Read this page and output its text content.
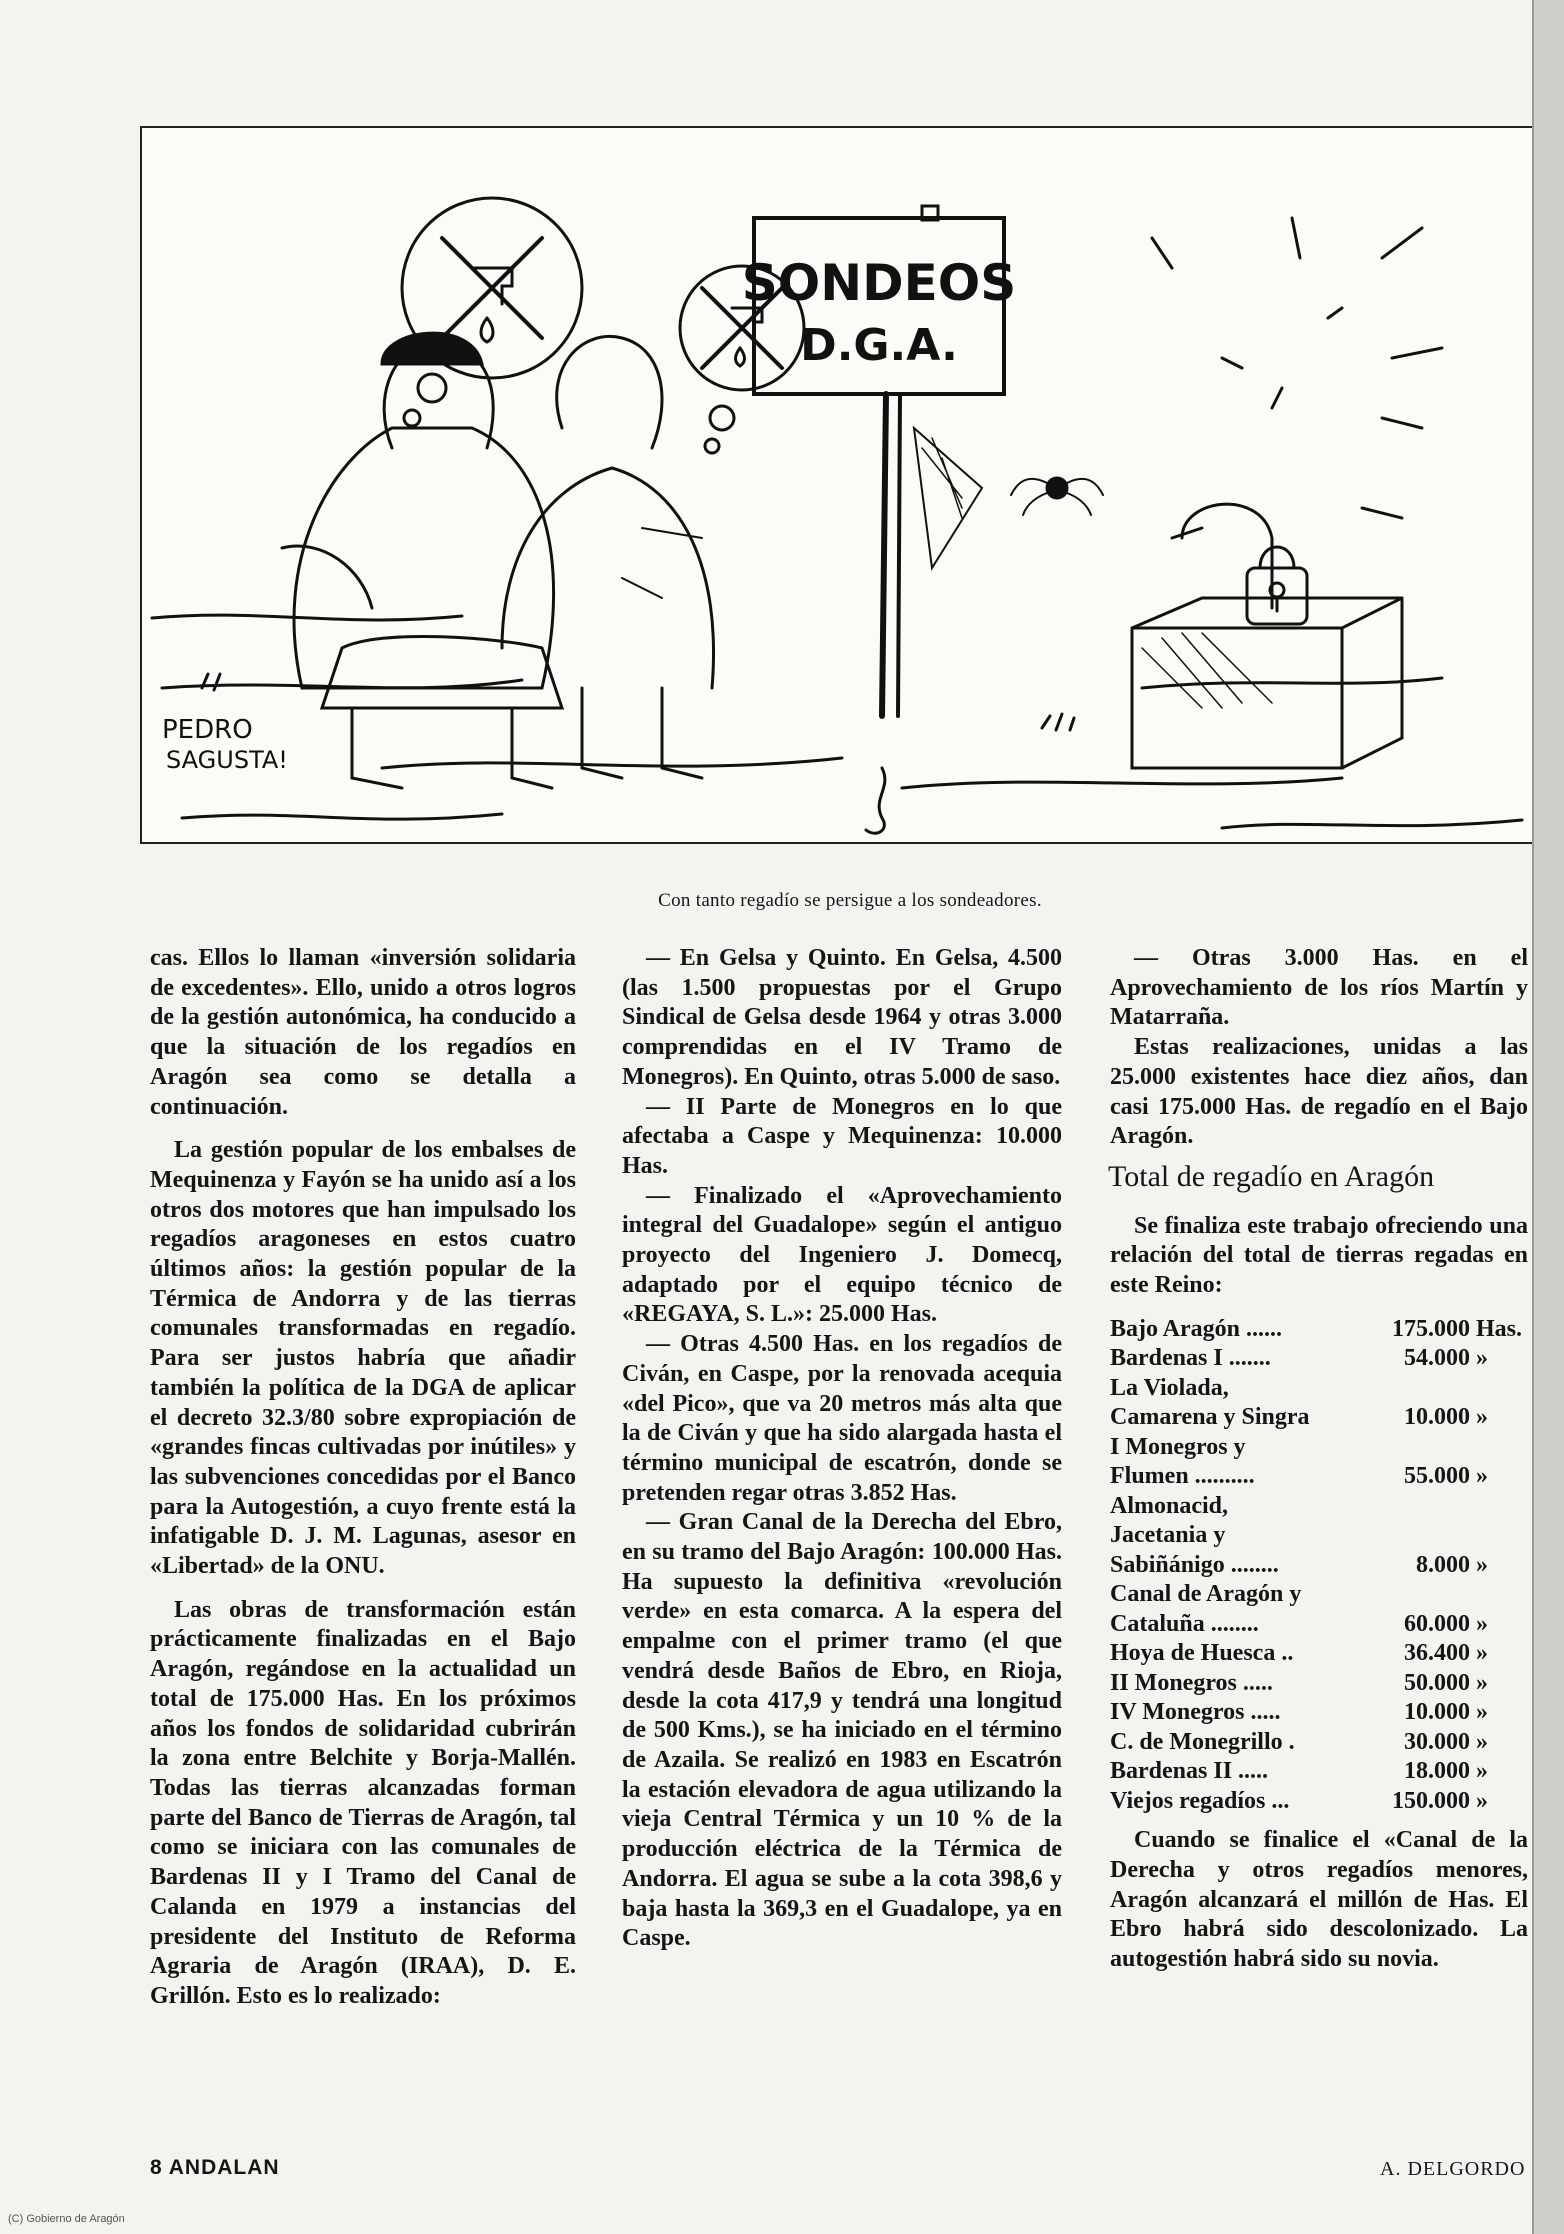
SONDEOS
D.G.A.
PEDRO
SAGUSTA!
Con tanto regadío se persigue a los sondeadores.

cas. Ellos lo llaman «inversión solidaria de excedentes». Ello, unido a otros logros de la gestión autonómica, ha conducido a que la situación de los regadíos en Aragón sea como se detalla a continuación.

La gestión popular de los embalses de Mequinenza y Fayón se ha unido así a los otros dos motores que han impulsado los regadíos aragoneses en estos cuatro últimos años: la gestión popular de la Térmica de Andorra y de las tierras comunales transformadas en regadío. Para ser justos habría que añadir también la política de la DGA de aplicar el decreto 32.3/80 sobre expropiación de «grandes fincas cultivadas por inútiles» y las subvenciones concedidas por el Banco para la Autogestión, a cuyo frente está la infatigable D. J. M. Lagunas, asesor en «Libertad» de la ONU.

Las obras de transformación están prácticamente finalizadas en el Bajo Aragón, regándose en la actualidad un total de 175.000 Has. En los próximos años los fondos de solidaridad cubrirán la zona entre Belchite y Borja-Mallén. Todas las tierras alcanzadas forman parte del Banco de Tierras de Aragón, tal como se iniciara con las comunales de Bardenas II y I Tramo del Canal de Calanda en 1979 a instancias del presidente del Instituto de Reforma Agraria de Aragón (IRAA), D. E. Grillón. Esto es lo realizado:

— En Gelsa y Quinto. En Gelsa, 4.500 (las 1.500 propuestas por el Grupo Sindical de Gelsa desde 1964 y otras 3.000 comprendidas en el IV Tramo de Monegros). En Quinto, otras 5.000 de saso.

— II Parte de Monegros en lo que afectaba a Caspe y Mequinenza: 10.000 Has.

— Finalizado el «Aprovechamiento integral del Guadalope» según el antiguo proyecto del Ingeniero J. Domecq, adaptado por el equipo técnico de «REGAYA, S. L.»: 25.000 Has.

— Otras 4.500 Has. en los regadíos de Civán, en Caspe, por la renovada acequia «del Pico», que va 20 metros más alta que la de Civán y que ha sido alargada hasta el término municipal de escatrón, donde se pretenden regar otras 3.852 Has.

— Gran Canal de la Derecha del Ebro, en su tramo del Bajo Aragón: 100.000 Has. Ha supuesto la definitiva «revolución verde» en esta comarca. A la espera del empalme con el primer tramo (el que vendrá desde Baños de Ebro, en Rioja, desde la cota 417,9 y tendrá una longitud de 500 Kms.), se ha iniciado en el término de Azaila. Se realizó en 1983 en Escatrón la estación elevadora de agua utilizando la vieja Central Térmica y un 10 % de la producción eléctrica de la Térmica de Andorra. El agua se sube a la cota 398,6 y baja hasta la 369,3 en el Guadalope, ya en Caspe.

— Otras 3.000 Has. en el Aprovechamiento de los ríos Martín y Matarraña.

Estas realizaciones, unidas a las 25.000 existentes hace diez años, dan casi 175.000 Has. de regadío en el Bajo Aragón.

Total de regadío en Aragón

Se finaliza este trabajo ofreciendo una relación del total de tierras regadas en este Reino:

Bajo Aragón ......	175.000	Has.
Bardenas I .......	54.000	»
La Violada,		
Camarena y Singra	10.000	»
I Monegros y		
Flumen ..........	55.000	»
Almonacid,		
Jacetania y		
Sabiñánigo ........	8.000	»
Canal de Aragón y		
Cataluña ........	60.000	»
Hoya de Huesca ..	36.400	»
II Monegros .....	50.000	»
IV Monegros .....	10.000	»
C. de Monegrillo .	30.000	»
Bardenas II .....	18.000	»
Viejos regadíos ...	150.000	»

Cuando se finalice el «Canal de la Derecha y otros regadíos menores, Aragón alcanzará el millón de Has. El Ebro habrá sido descolonizado. La autogestión habrá sido su novia.

A. DELGORDO
8 ANDALAN
(C) Gobierno de Aragón
